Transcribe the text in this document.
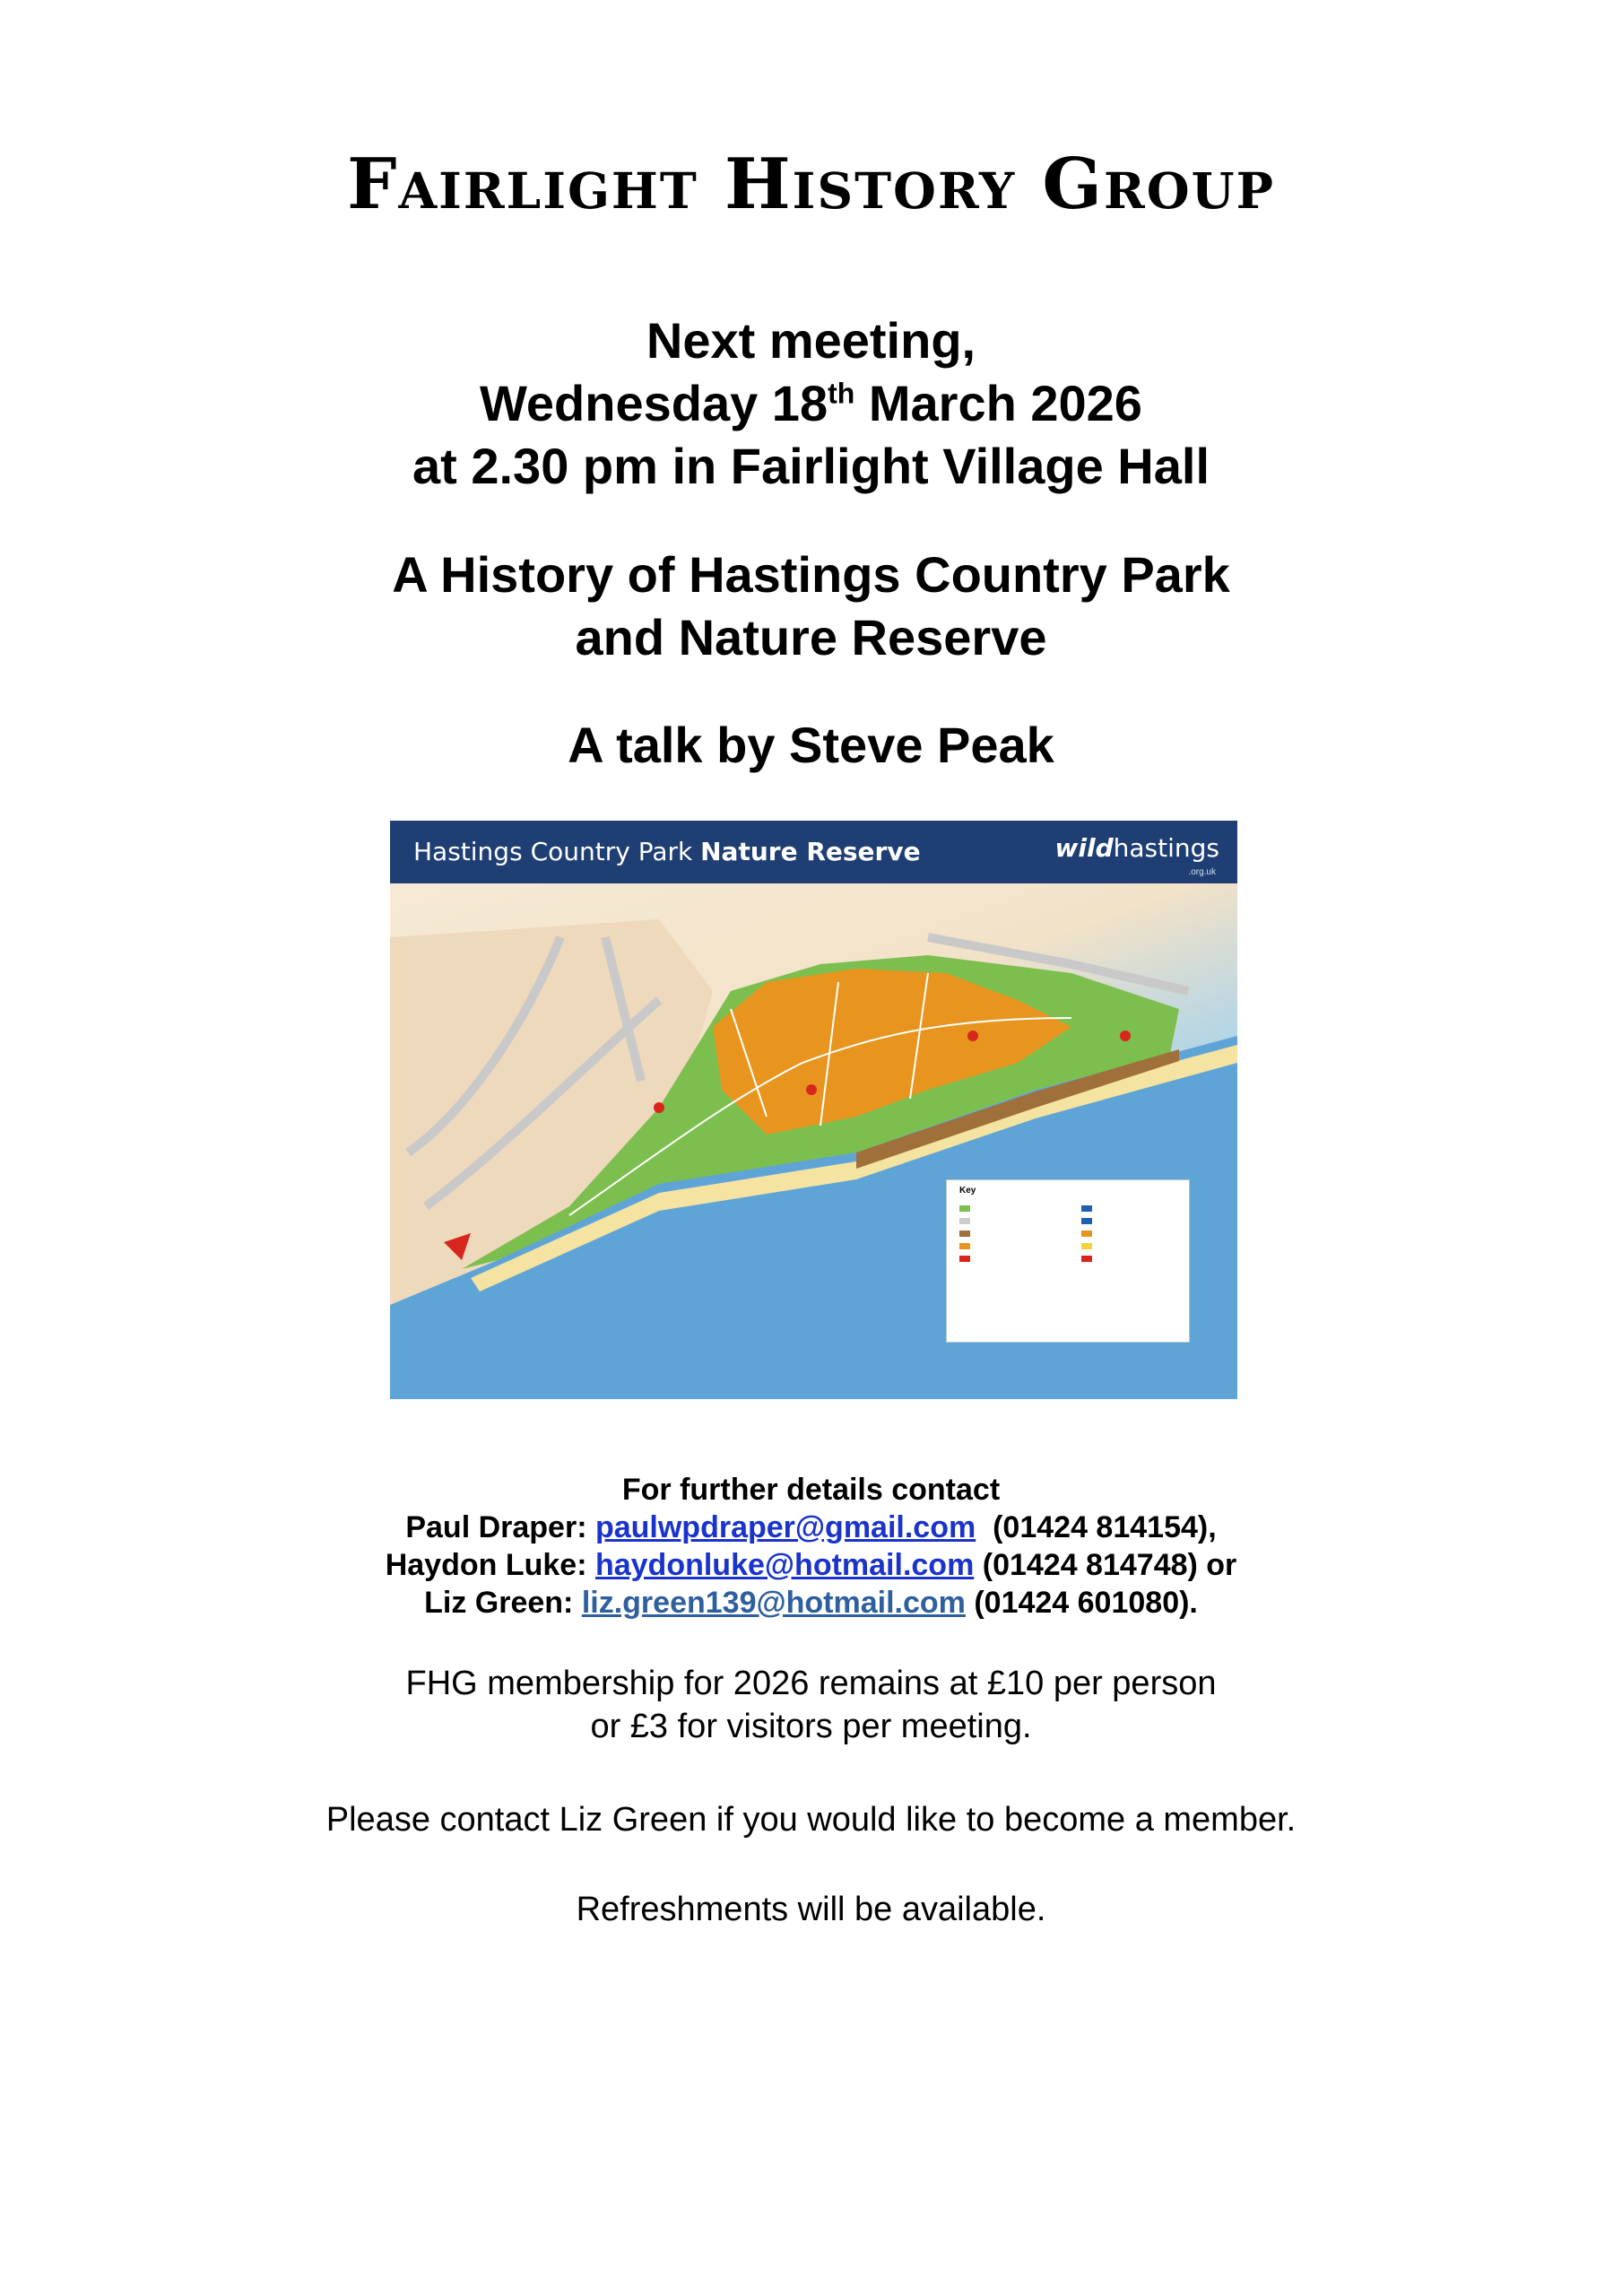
Fairlight History Group
Next meeting,
Wednesday 18th March 2026
at 2.30 pm in Fairlight Village Hall
A History of Hastings Country Park
and Nature Reserve
A talk by Steve Peak
Hastings Country Park Nature Reserve	wildhastings
.org.uk
Key
For further details contact
Paul Draper: paulwpdraper@gmail.com  (01424 814154),
Haydon Luke: haydonluke@hotmail.com (01424 814748) or
Liz Green: liz.green139@hotmail.com (01424 601080).
FHG membership for 2026 remains at £10 per person
or £3 for visitors per meeting.
Please contact Liz Green if you would like to become a member.
Refreshments will be available.
